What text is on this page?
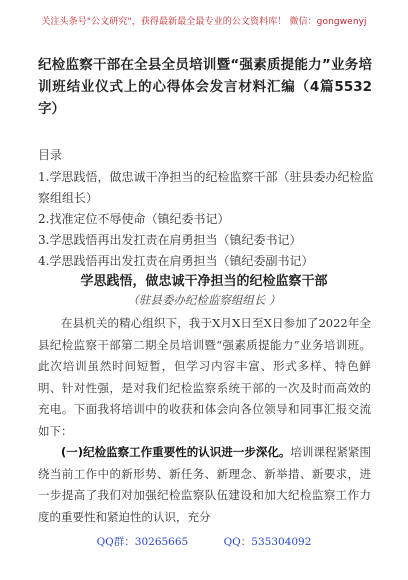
关注头条号"公文研究"，获得最新最全最专业的公文资料库！ 微信：gongwenyj
纪检监察干部在全县全员培训暨“强素质提能力”业务培训班结业仪式上的心得体会发言材料汇编（4篇5532字）
目录
1.学思践悟，做忠诚干净担当的纪检监察干部（驻县委办纪检监察组组长）
2.找准定位不辱使命（镇纪委书记）
3.学思践悟再出发扛责在肩勇担当（镇纪委书记）
4.学思践悟再出发扛责在肩勇担当（镇纪委副书记）
学思践悟，做忠诚干净担当的纪检监察干部
（驻县委办纪检监察组组长 ）

在县机关的精心组织下，我于X月X日至X日参加了2022年全县纪检监察干部第二期全员培训暨“强素质提能力”业务培训班。此次培训虽然时间短暂，但学习内容丰富、形式多样、特色鲜明、针对性强，是对我们纪检监察系统干部的一次及时而高效的充电。下面我将培训中的收获和体会向各位领导和同事汇报交流如下：

(一)纪检监察工作重要性的认识进一步深化。培训课程紧紧围绕当前工作中的新形势、新任务、新理念、新举措、新要求，进一步提高了我们对加强纪检监察队伍建设和加大纪检监察工作力度的重要性和紧迫性的认识，充分

QQ群：30265665	QQ：535304092
